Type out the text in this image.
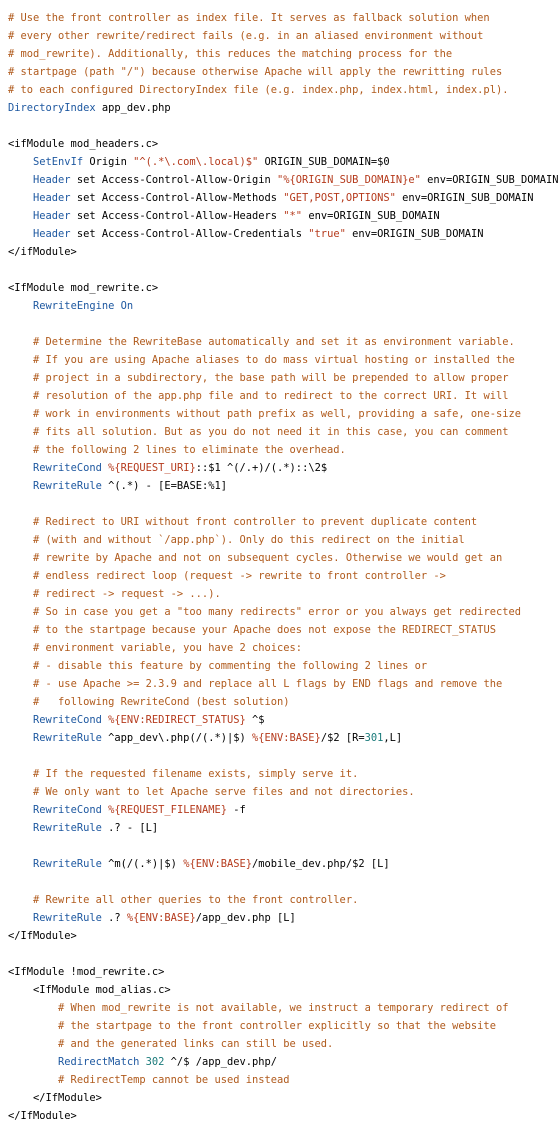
# Use the front controller as index file. It serves as fallback solution when
# every other rewrite/redirect fails (e.g. in an aliased environment without
# mod_rewrite). Additionally, this reduces the matching process for the
# startpage (path "/") because otherwise Apache will apply the rewritting rules
# to each configured DirectoryIndex file (e.g. index.php, index.html, index.pl).
DirectoryIndex app_dev.php
<ifModule mod_headers.c>
SetEnvIf Origin "^(.*\.com\.local)$" ORIGIN_SUB_DOMAIN=$0
Header set Access-Control-Allow-Origin "%{ORIGIN_SUB_DOMAIN}e" env=ORIGIN_SUB_DOMAIN
Header set Access-Control-Allow-Methods "GET,POST,OPTIONS" env=ORIGIN_SUB_DOMAIN
Header set Access-Control-Allow-Headers "*" env=ORIGIN_SUB_DOMAIN
Header set Access-Control-Allow-Credentials "true" env=ORIGIN_SUB_DOMAIN
</ifModule>
<IfModule mod_rewrite.c>
RewriteEngine On
# Determine the RewriteBase automatically and set it as environment variable.
# If you are using Apache aliases to do mass virtual hosting or installed the
# project in a subdirectory, the base path will be prepended to allow proper
# resolution of the app.php file and to redirect to the correct URI. It will
# work in environments without path prefix as well, providing a safe, one-size
# fits all solution. But as you do not need it in this case, you can comment
# the following 2 lines to eliminate the overhead.
RewriteCond %{REQUEST_URI}::$1 ^(/.+)/(.*)::\2$
RewriteRule ^(.*) - [E=BASE:%1]
# Redirect to URI without front controller to prevent duplicate content
# (with and without `/app.php`). Only do this redirect on the initial
# rewrite by Apache and not on subsequent cycles. Otherwise we would get an
# endless redirect loop (request -> rewrite to front controller ->
# redirect -> request -> ...).
# So in case you get a "too many redirects" error or you always get redirected
# to the startpage because your Apache does not expose the REDIRECT_STATUS
# environment variable, you have 2 choices:
# - disable this feature by commenting the following 2 lines or
# - use Apache >= 2.3.9 and replace all L flags by END flags and remove the
#   following RewriteCond (best solution)
RewriteCond %{ENV:REDIRECT_STATUS} ^$
RewriteRule ^app_dev\.php(/(.*)|$) %{ENV:BASE}/$2 [R=301,L]
# If the requested filename exists, simply serve it.
# We only want to let Apache serve files and not directories.
RewriteCond %{REQUEST_FILENAME} -f
RewriteRule .? - [L]
RewriteRule ^m(/(.*)|$) %{ENV:BASE}/mobile_dev.php/$2 [L]
# Rewrite all other queries to the front controller.
RewriteRule .? %{ENV:BASE}/app_dev.php [L]
</IfModule>
<IfModule !mod_rewrite.c>
<IfModule mod_alias.c>
# When mod_rewrite is not available, we instruct a temporary redirect of
# the startpage to the front controller explicitly so that the website
# and the generated links can still be used.
RedirectMatch 302 ^/$ /app_dev.php/
# RedirectTemp cannot be used instead
</IfModule>
</IfModule>
